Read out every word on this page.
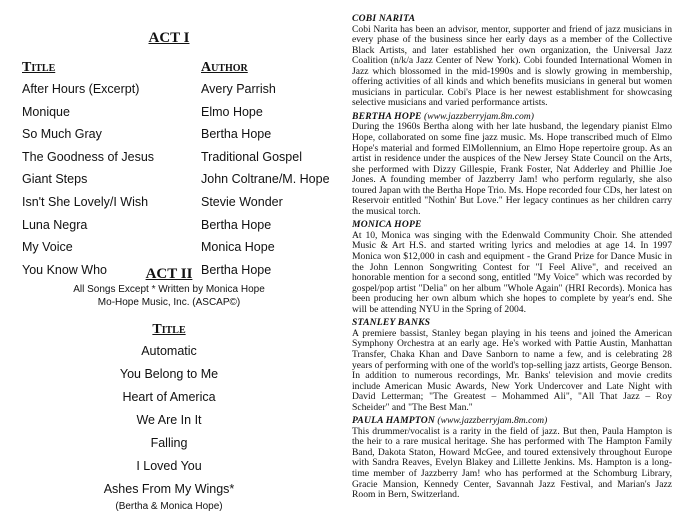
ACT I
Title	Author
After Hours (Excerpt)
Monique
So Much Gray
The Goodness of Jesus
Giant Steps
Isn't She Lovely/I Wish
Luna Negra
My Voice
You Know Who
Avery Parrish
Elmo Hope
Bertha Hope
Traditional Gospel
John Coltrane/M. Hope
Stevie Wonder
Bertha Hope
Monica Hope
Bertha Hope
ACT II
All Songs Except * Written by Monica Hope
Mo-Hope Music, Inc. (ASCAP©)
Title
Automatic
You Belong to Me
Heart of America
We Are In It
Falling
I Loved You
Ashes From My Wings*
(Bertha & Monica Hope)

COBI NARITA
Cobi Narita has been an advisor, mentor, supporter and friend of jazz musicians in every phase of the business since her early days as a member of the Collective Black Artists, and later established her own organization, the Universal Jazz Coalition (n/k/a Jazz Center of New York). Cobi founded International Women in Jazz which blossomed in the mid-1990s and is slowly growing in membership, offering activities of all kinds and which benefits musicians in general but women musicians in particular. Cobi's Place is her newest establishment for showcasing selective musicians and varied performance artists.

BERTHA HOPE (www.jazzberryjam.8m.com)
During the 1960s Bertha along with her late husband, the legendary pianist Elmo Hope, collaborated on some fine jazz music. Ms. Hope transcribed much of Elmo Hope's material and formed ElMollennium, an Elmo Hope repertoire group. As an artist in residence under the auspices of the New Jersey State Council on the Arts, she performed with Dizzy Gillespie, Frank Foster, Nat Adderley and Phillie Joe Jones. A founding member of Jazzberry Jam! who perform regularly, she also toured Japan with the Bertha Hope Trio. Ms. Hope recorded four CDs, her latest on Reservoir entitled "Nothin' But Love." Her legacy continues as her children carry the musical torch.

MONICA HOPE
At 10, Monica was singing with the Edenwald Community Choir. She attended Music & Art H.S. and started writing lyrics and melodies at age 14. In 1997 Monica won $12,000 in cash and equipment - the Grand Prize for Dance Music in the John Lennon Songwriting Contest for "I Feel Alive", and received an honorable mention for a second song, entitled "My Voice" which was recorded by gospel/pop artist "Delia" on her album "Whole Again" (HRI Records). Monica has been producing her own album which she hopes to complete by year's end. She will be attending NYU in the Spring of 2004.

STANLEY BANKS
A premiere bassist, Stanley began playing in his teens and joined the American Symphony Orchestra at an early age. He's worked with Pattie Austin, Manhattan Transfer, Chaka Khan and Dave Sanborn to name a few, and is celebrating 28 years of performing with one of the world's top-selling jazz artists, George Benson. In addition to numerous recordings, Mr. Banks' television and movie credits include American Music Awards, New York Undercover and Late Night with David Letterman; "The Greatest – Mohammed Ali", "All That Jazz – Roy Scheider" and "The Best Man."

PAULA HAMPTON (www.jazzberryjam.8m.com)
This drummer/vocalist is a rarity in the field of jazz. But then, Paula Hampton is the heir to a rare musical heritage. She has performed with The Hampton Family Band, Dakota Staton, Howard McGee, and toured extensively throughout Europe with Sandra Reaves, Evelyn Blakey and Lillette Jenkins. Ms. Hampton is a long-time member of Jazzberry Jam! who has performed at the Schomburg Library, Gracie Mansion, Kennedy Center, Savannah Jazz Festival, and Marian's Jazz Room in Bern, Switzerland.
